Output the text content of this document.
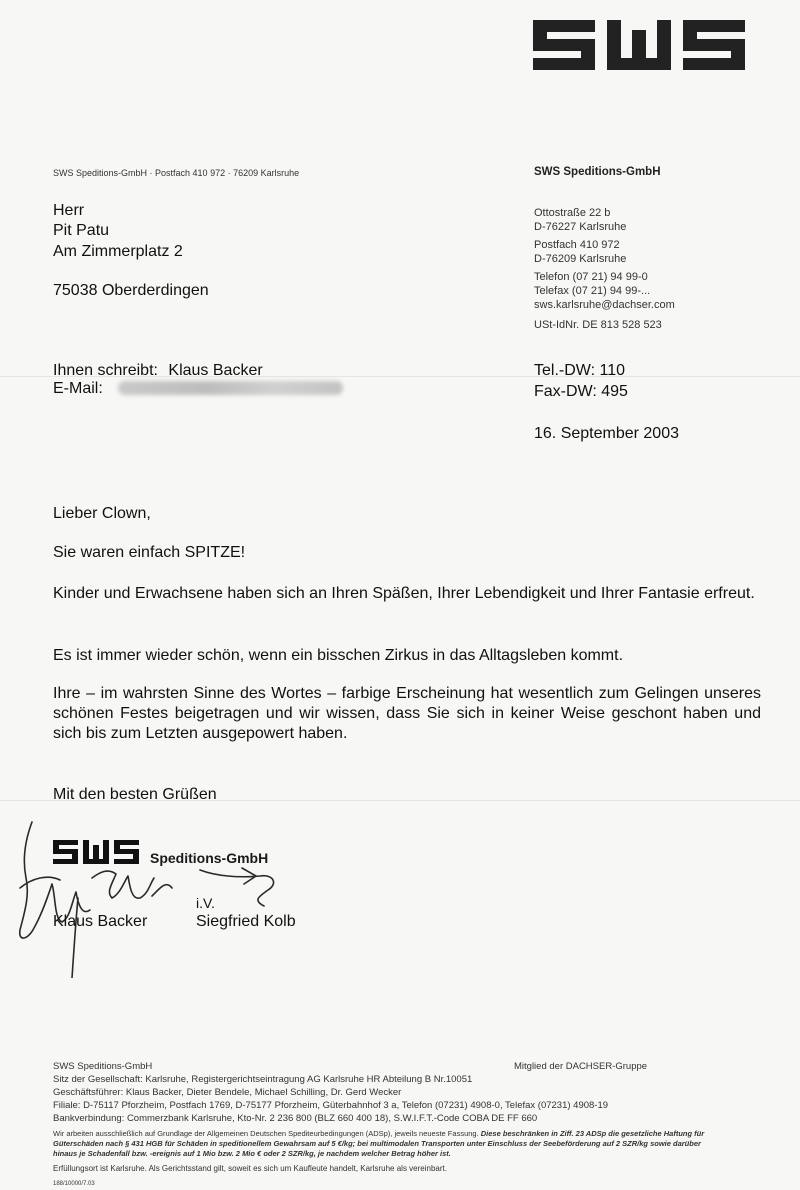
SWS Speditions-GmbH · Postfach 410 972 · 76209 Karlsruhe	SWS Speditions-GmbH
Ottostraße 22 b
D-76227 Karlsruhe
Postfach 410 972
D-76209 Karlsruhe
Telefon (07 21) 94 99-0
Telefax (07 21) 94 99-...
sws.karlsruhe@dachser.com
USt-IdNr. DE 813 528 523
Herr
Pit Patu
Am Zimmerplatz 2
75038 Oberderdingen
Ihnen schreibt: Klaus Backer
E-Mail:
Tel.-DW: 110
Fax-DW: 495
16. September 2003
Lieber Clown,
Sie waren einfach SPITZE!
Kinder und Erwachsene haben sich an Ihren Späßen, Ihrer Lebendigkeit und Ihrer Fantasie erfreut.
Es ist immer wieder schön, wenn ein bisschen Zirkus in das Alltagsleben kommt.
Ihre – im wahrsten Sinne des Wortes – farbige Erscheinung hat wesentlich zum Gelingen unseres schönen Festes beigetragen und wir wissen, dass Sie sich in keiner Weise geschont haben und sich bis zum Letzten ausgepowert haben.
Mit den besten Grüßen
Speditions-GmbH
i.V.
Klaus Backer	Siegfried Kolb
SWS Speditions-GmbH	Mitglied der DACHSER-Gruppe
Sitz der Gesellschaft: Karlsruhe, Registergerichtseintragung AG Karlsruhe HR Abteilung B Nr.10051
Geschäftsführer: Klaus Backer, Dieter Bendele, Michael Schilling, Dr. Gerd Wecker
Filiale: D-75117 Pforzheim, Postfach 1769, D-75177 Pforzheim, Güterbahnhof 3 a, Telefon (07231) 4908-0, Telefax (07231) 4908-19
Bankverbindung: Commerzbank Karlsruhe, Kto-Nr. 2 236 800 (BLZ 660 400 18), S.W.I.F.T.-Code COBA DE FF 660
Wir arbeiten ausschließlich auf Grundlage der Allgemeinen Deutschen Spediteurbedingungen (ADSp), jeweils neueste Fassung. Diese beschränken in Ziff. 23 ADSp die gesetzliche Haftung für Güterschäden nach § 431 HGB für Schäden in speditionellem Gewahrsam auf 5 €/kg; bei multimodalen Transporten unter Einschluss der Seebeförderung auf 2 SZR/kg sowie darüber hinaus je Schadenfall bzw. -ereignis auf 1 Mio bzw. 2 Mio € oder 2 SZR/kg, je nachdem welcher Betrag höher ist.
Erfüllungsort ist Karlsruhe. Als Gerichtsstand gilt, soweit es sich um Kaufleute handelt, Karlsruhe als vereinbart.
188/10000/7.03
